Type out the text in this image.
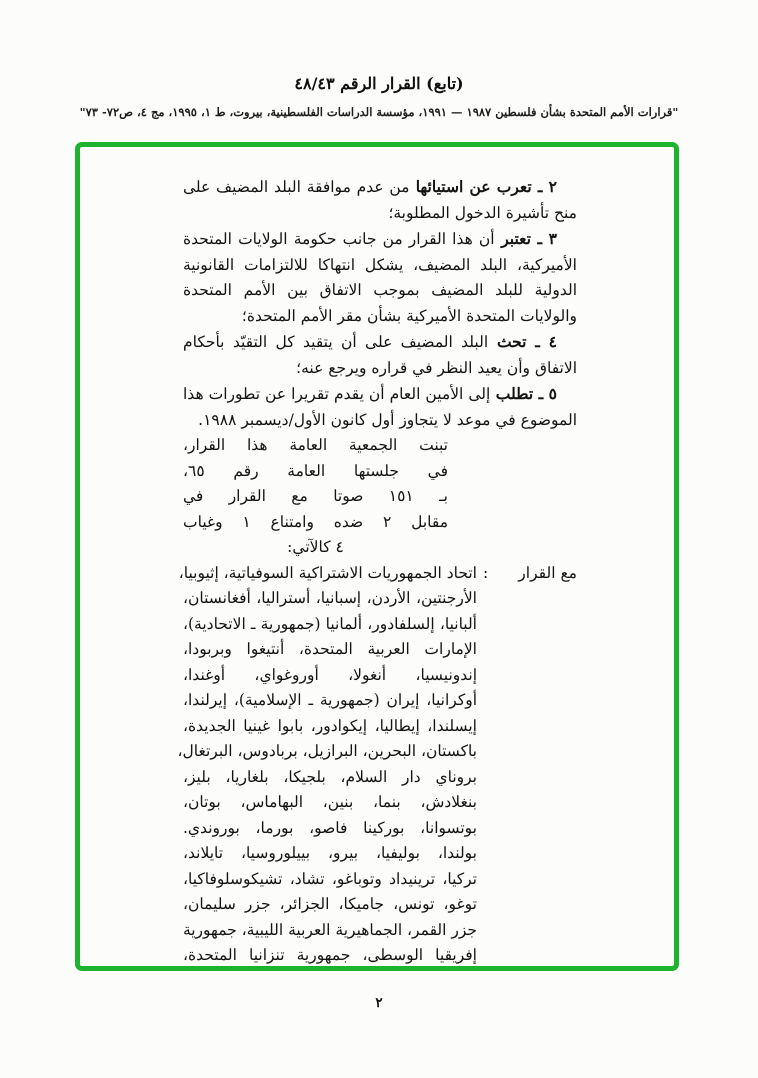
(تابع) القرار الرقم ٤٨/٤٣
"قرارات الأمم المتحدة بشأن فلسطين ١٩٨٧ — ١٩٩١، مؤسسة الدراسات الفلسطينية، بيروت، ط ١، ١٩٩٥، مج ٤، ص٧٢- ٧٣"

٢ ـ تعرب عن استيائها من عدم موافقة البلد المضيف على منح تأشيرة الدخول المطلوبة؛

٣ ـ تعتبر أن هذا القرار من جانب حكومة الولايات المتحدة الأميركية، البلد المضيف، يشكل انتهاكا للالتزامات القانونية الدولية للبلد المضيف بموجب الاتفاق بين الأمم المتحدة والولايات المتحدة الأميركية بشأن مقر الأمم المتحدة؛

٤ ـ تحث البلد المضيف على أن يتقيد كل التقيّد بأحكام الاتفاق وأن يعيد النظر في قراره ويرجع عنه؛

٥ ـ تطلب إلى الأمين العام أن يقدم تقريرا عن تطورات هذا الموضوع في موعد لا يتجاوز أول كانون الأول/ديسمبر ١٩٨٨.

تبنت الجمعية العامة هذا القرار،
في جلستها العامة رقم ٦٥،
بـ ١٥١ صوتا مع القرار في
مقابل ٢ ضده وامتناع ١ وغياب
٤ كالآتي:
مع القرار
:
اتحاد الجمهوريات الاشتراكية السوفياتية، إثيوبيا،
الأرجنتين، الأردن، إسبانيا، أستراليا، أفغانستان،
ألبانيا، إلسلفادور، ألمانيا (جمهورية ـ الاتحادية)،
الإمارات العربية المتحدة، أنتيغوا وبربودا،
إندونيسيا، أنغولا، أوروغواي، أوغندا،
أوكرانيا، إيران (جمهورية ـ الإسلامية)، إيرلندا،
إيسلندا، إيطاليا، إيكوادور، بابوا غينيا الجديدة،
باكستان، البحرين، البرازيل، بربادوس، البرتغال،
بروناي دار السلام، بلجيكا، بلغاريا، بليز،
بنغلادش، بنما، بنين، البهاماس، بوتان،
بوتسوانا، بوركينا فاصو، بورما، بوروندي.
بولندا، بوليفيا، بيرو، بييلوروسيا، تايلاند،
تركيا، ترينيداد وتوباغو، تشاد، تشيكوسلوفاكيا،
توغو، تونس، جاميكا، الجزائر، جزر سليمان،
جزر القمر، الجماهيرية العربية الليبية، جمهورية
إفريقيا الوسطى، جمهورية تنزانيا المتحدة،
٢
